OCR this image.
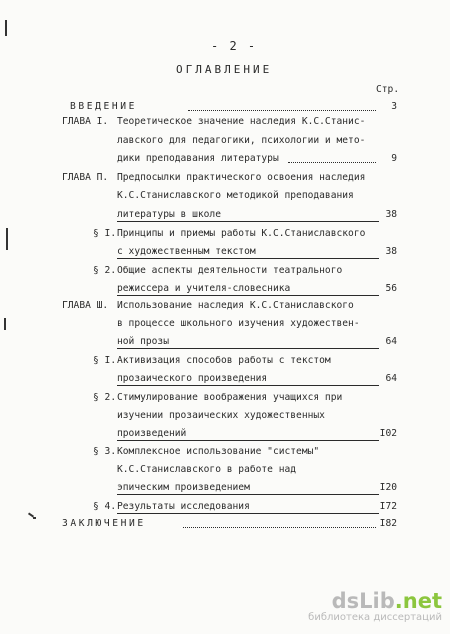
- 2 -
ОГЛАВЛЕНИЕ
Стр.
ВВЕДЕНИЕ	3
ГЛАВА I. Теоретическое значение наследия К.С.Станис-
лавского для педагогики, психологии и мето-
дики преподавания литературы	9
ГЛАВА П. Предпосылки практического освоения наследия
К.С.Станиславского методикой преподавания
литературы в школе	38
§ I. Принципы и приемы работы К.С.Станиславского
с художественным текстом	38
§ 2. Общие аспекты деятельности театрального
режиссера и учителя-словесника	56
ГЛАВА Ш. Использование наследия К.С.Станиславского
в процессе школьного изучения художествен-
ной прозы	64
§ I. Активизация способов работы с текстом
прозаического произведения	64
§ 2. Стимулирование воображения учащихся при
изучении прозаических художественных
произведений	I02
§ 3. Комплексное использование "системы"
К.С.Станиславского в работе над
эпическим произведением	I20
§ 4. Результаты исследования	I72
ЗАКЛЮЧЕНИЕ	I82
dsLib.net
библиотека диссертаций
